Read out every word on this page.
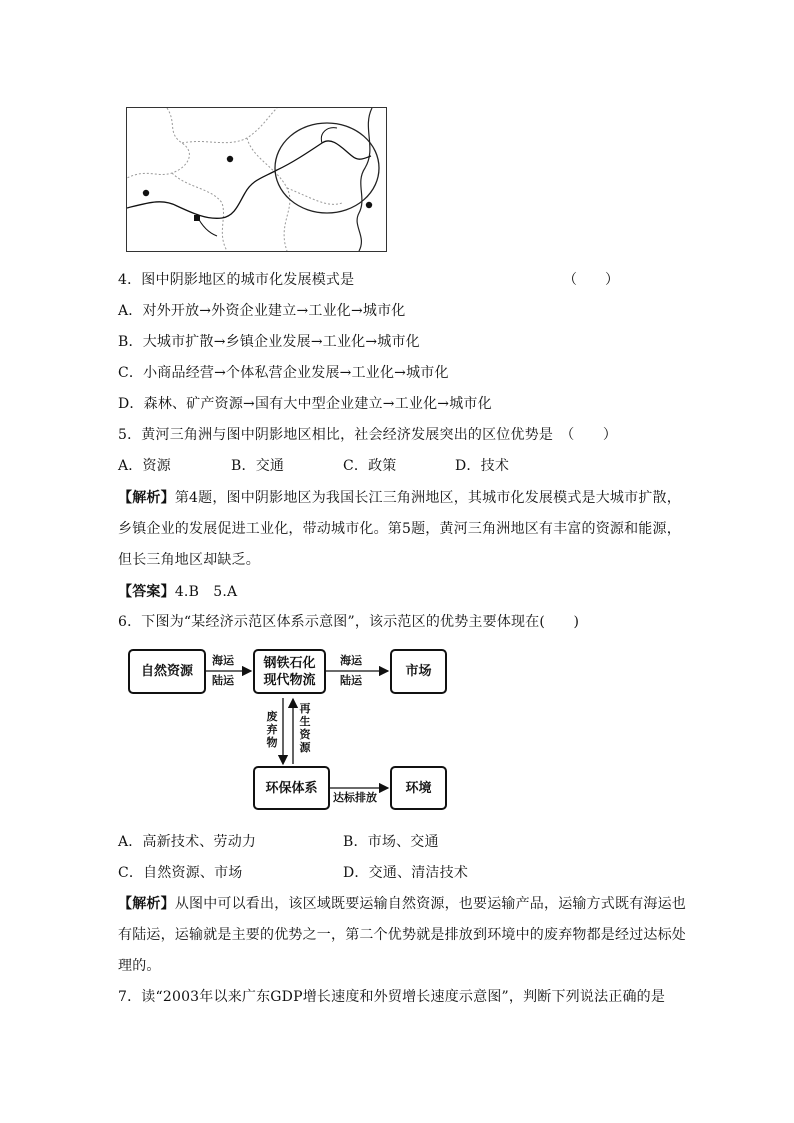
4．图中阴影地区的城市化发展模式是	（　　）
A．对外开放→外资企业建立→工业化→城市化
B．大城市扩散→乡镇企业发展→工业化→城市化
C．小商品经营→个体私营企业发展→工业化→城市化
D．森林、矿产资源→国有大中型企业建立→工业化→城市化
5．黄河三角洲与图中阴影地区相比，社会经济发展突出的区位优势是　（　　）
A．资源	B．交通	C．政策	D．技术
【解析】第4题，图中阴影地区为我国长江三角洲地区，其城市化发展模式是大城市扩散，
乡镇企业的发展促进工业化，带动城市化。第5题，黄河三角洲地区有丰富的资源和能源，
但长三角地区却缺乏。
【答案】4.B　5.A
6．下图为“某经济示范区体系示意图”，该示范区的优势主要体现在(　　)
自然资源
钢铁石化
现代物流
市场
环保体系	环境
海运
陆运
海运
陆运
废弃物
再生资源
达标排放
A．高新技术、劳动力	B．市场、交通
C．自然资源、市场	D．交通、清洁技术
【解析】从图中可以看出，该区域既要运输自然资源，也要运输产品，运输方式既有海运也
有陆运，运输就是主要的优势之一，第二个优势就是排放到环境中的废弃物都是经过达标处
理的。
7．读“2003年以来广东GDP增长速度和外贸增长速度示意图”，判断下列说法正确的是
